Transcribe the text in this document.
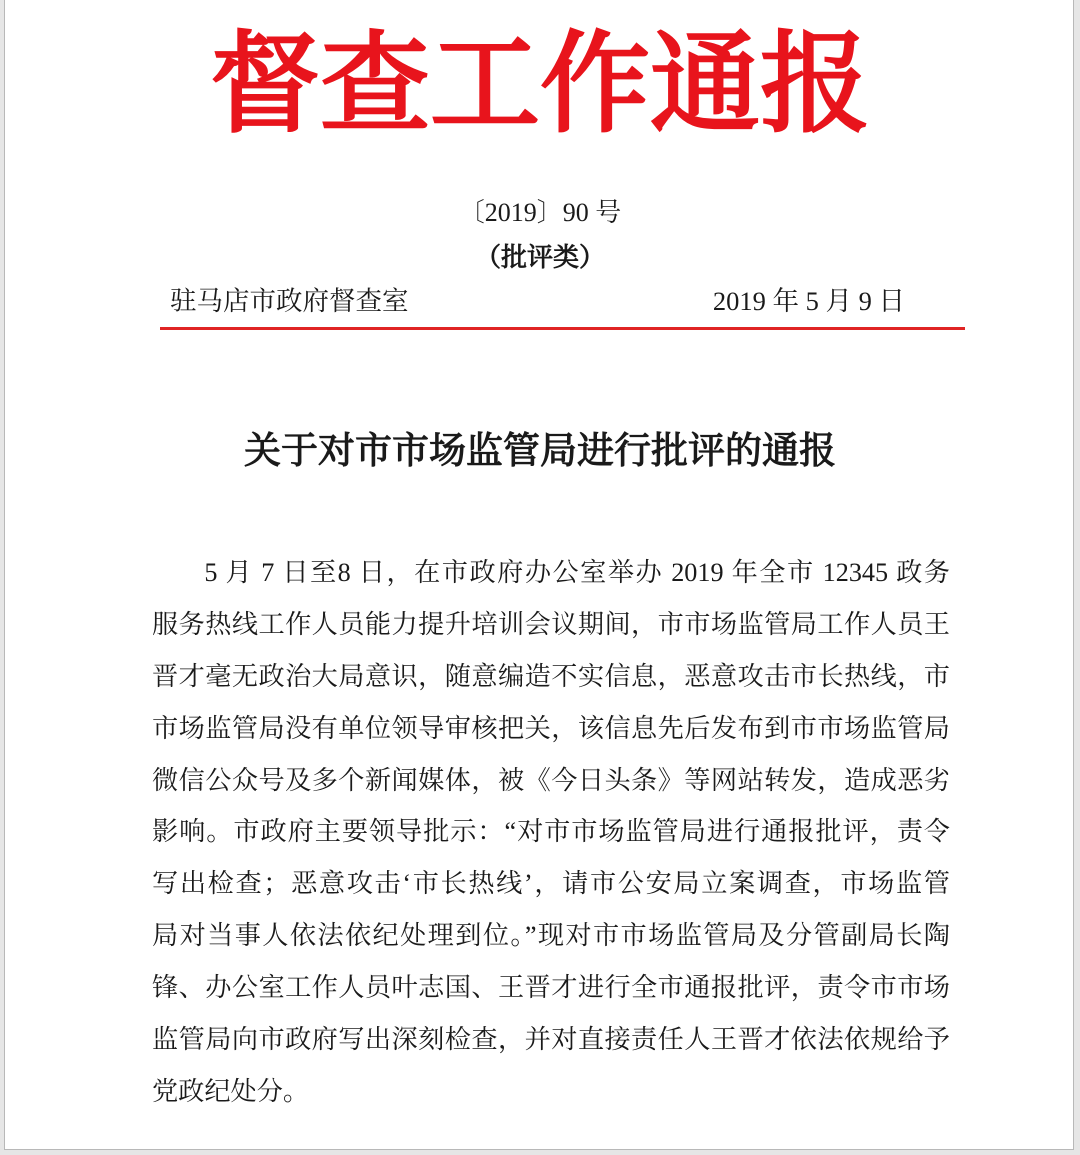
督查工作通报
〔2019〕90 号
（批评类）
驻马店市政府督查室	2019 年 5 月 9 日
关于对市市场监管局进行批评的通报
5 月 7 日至8 日，在市政府办公室举办 2019 年全市 12345 政务
服务热线工作人员能力提升培训会议期间，市市场监管局工作人员王
晋才毫无政治大局意识，随意编造不实信息，恶意攻击市长热线，市
市场监管局没有单位领导审核把关，该信息先后发布到市市场监管局
微信公众号及多个新闻媒体，被《今日头条》等网站转发，造成恶劣
影响。市政府主要领导批示：“对市市场监管局进行通报批评，责令
写出检查；恶意攻击‘市长热线’，请市公安局立案调查，市场监管
局对当事人依法依纪处理到位。”现对市市场监管局及分管副局长陶
锋、办公室工作人员叶志国、王晋才进行全市通报批评，责令市市场
监管局向市政府写出深刻检查，并对直接责任人王晋才依法依规给予
党政纪处分。
